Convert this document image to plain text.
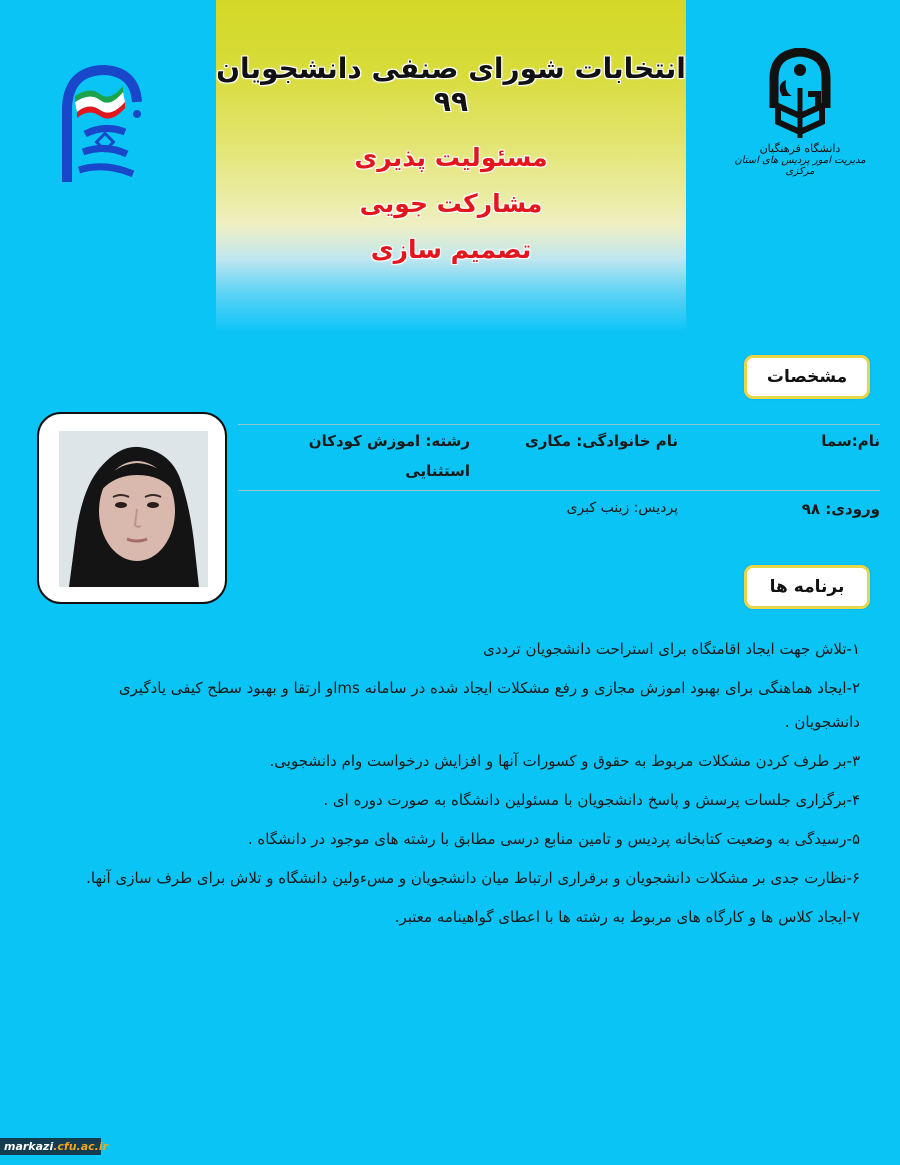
انتخابات شورای صنفی دانشجویان ۹۹
مسئولیت پذیری
مشارکت جویی
تصمیم سازی
دانشگاه فرهنگیان
مدیریت امور پردیس های استان مرکزی
مشخصات
نام:سما
نام خانوادگی: مکاری
رشته: اموزش کودکان استثنایی
ورودی: ۹۸
پردیس: زینب کبری
برنامه ها
۱-تلاش جهت ایجاد اقامتگاه برای استراحت دانشجویان ترددی
۲-ایجاد هماهنگی برای بهبود اموزش مجازی و رفع مشکلات ایجاد شده در سامانه lmsو ارتقا و بهبود سطح کیفی یادگیری دانشجویان .
۳-بر طرف کردن مشکلات مربوط به حقوق و کسورات آنها و افزایش درخواست وام دانشجویی.
۴-برگزاری جلسات پرسش و پاسخ دانشجویان با مسئولین دانشگاه به صورت دوره ای .
۵-رسیدگی به وضعیت کتابخانه پردیس و تامین منابع درسی مطابق با رشته های موجود در دانشگاه .
۶-نظارت جدی بر مشکلات دانشجویان و برقراری ارتباط میان دانشجویان و مس‌ءولین دانشگاه و تلاش برای طرف سازی آنها.
۷-ایجاد کلاس ها و کارگاه های مربوط به رشته ها با اعطای گواهینامه معتبر.
markazi.cfu.ac.ir
